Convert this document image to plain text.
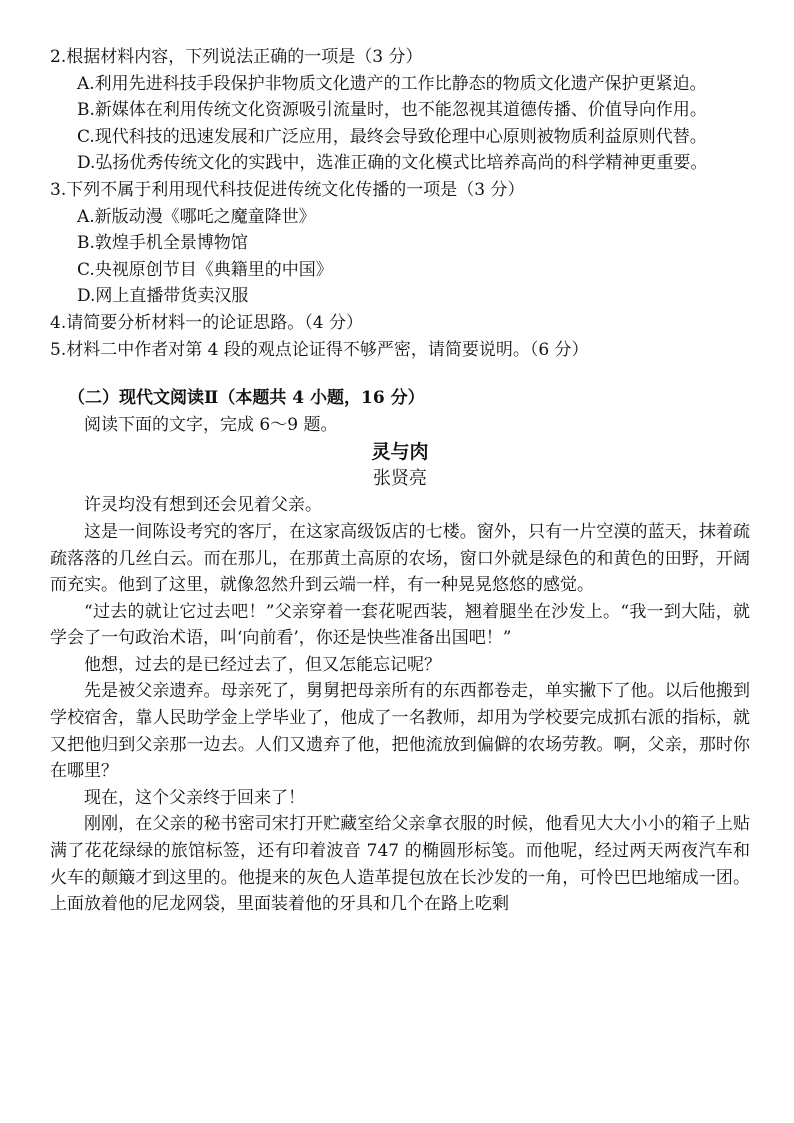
2.根据材料内容，下列说法正确的一项是（3 分）

A.利用先进科技手段保护非物质文化遗产的工作比静态的物质文化遗产保护更紧迫。

B.新媒体在利用传统文化资源吸引流量时，也不能忽视其道德传播、价值导向作用。

C.现代科技的迅速发展和广泛应用，最终会导致伦理中心原则被物质利益原则代替。

D.弘扬优秀传统文化的实践中，选准正确的文化模式比培养高尚的科学精神更重要。

3.下列不属于利用现代科技促进传统文化传播的一项是（3 分）

A.新版动漫《哪吒之魔童降世》

B.敦煌手机全景博物馆

C.央视原创节目《典籍里的中国》

D.网上直播带货卖汉服

4.请简要分析材料一的论证思路。（4 分）

5.材料二中作者对第 4 段的观点论证得不够严密，请简要说明。（6 分）

（二）现代文阅读Ⅱ（本题共 4 小题，16 分）

阅读下面的文字，完成 6～9 题。

灵与肉

张贤亮

许灵均没有想到还会见着父亲。

这是一间陈设考究的客厅，在这家高级饭店的七楼。窗外，只有一片空漠的蓝天，抹着疏疏落落的几丝白云。而在那儿，在那黄土高原的农场，窗口外就是绿色的和黄色的田野，开阔而充实。他到了这里，就像忽然升到云端一样，有一种晃晃悠悠的感觉。

“过去的就让它过去吧！”父亲穿着一套花呢西装，翘着腿坐在沙发上。“我一到大陆，就学会了一句政治术语，叫‘向前看’，你还是快些准备出国吧！”

他想，过去的是已经过去了，但又怎能忘记呢？

先是被父亲遗弃。母亲死了，舅舅把母亲所有的东西都卷走，单实撇下了他。以后他搬到学校宿舍，靠人民助学金上学毕业了，他成了一名教师，却用为学校要完成抓右派的指标，就又把他归到父亲那一边去。人们又遗弃了他，把他流放到偏僻的农场劳教。啊，父亲，那时你在哪里？

现在，这个父亲终于回来了！

刚刚，在父亲的秘书密司宋打开贮藏室给父亲拿衣服的时候，他看见大大小小的箱子上贴满了花花绿绿的旅馆标签，还有印着波音 747 的椭圆形标笺。而他呢，经过两天两夜汽车和火车的颠簸才到这里的。他提来的灰色人造革提包放在长沙发的一角，可怜巴巴地缩成一团。上面放着他的尼龙网袋，里面装着他的牙具和几个在路上吃剩
